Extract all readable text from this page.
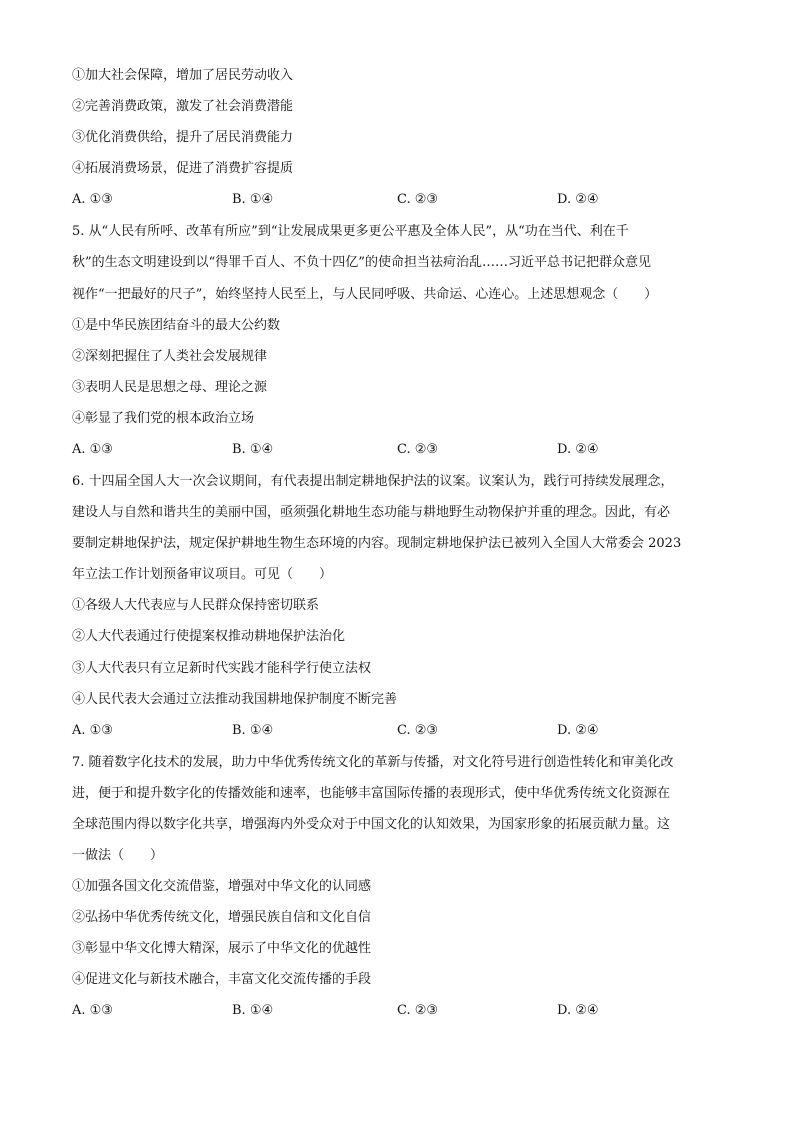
①加大社会保障，增加了居民劳动收入
②完善消费政策，激发了社会消费潜能
③优化消费供给，提升了居民消费能力
④拓展消费场景，促进了消费扩容提质
A. ①③	B. ①④	C. ②③	D. ②④
5. 从“人民有所呼、改革有所应”到“让发展成果更多更公平惠及全体人民”，从“功在当代、利在千
秋”的生态文明建设到以“得罪千百人、不负十四亿”的使命担当祛疴治乱……习近平总书记把群众意见
视作“一把最好的尺子”，始终坚持人民至上，与人民同呼吸、共命运、心连心。上述思想观念（　　）
①是中华民族团结奋斗的最大公约数
②深刻把握住了人类社会发展规律
③表明人民是思想之母、理论之源
④彰显了我们党的根本政治立场
A. ①③	B. ①④	C. ②③	D. ②④
6. 十四届全国人大一次会议期间，有代表提出制定耕地保护法的议案。议案认为，践行可持续发展理念，
建设人与自然和谐共生的美丽中国，亟须强化耕地生态功能与耕地野生动物保护并重的理念。因此，有必
要制定耕地保护法，规定保护耕地生物生态环境的内容。现制定耕地保护法已被列入全国人大常委会 2023
年立法工作计划预备审议项目。可见（　　）
①各级人大代表应与人民群众保持密切联系
②人大代表通过行使提案权推动耕地保护法治化
③人大代表只有立足新时代实践才能科学行使立法权
④人民代表大会通过立法推动我国耕地保护制度不断完善
A. ①③	B. ①④	C. ②③	D. ②④
7. 随着数字化技术的发展，助力中华优秀传统文化的革新与传播，对文化符号进行创造性转化和审美化改
进，便于和提升数字化的传播效能和速率，也能够丰富国际传播的表现形式，使中华优秀传统文化资源在
全球范围内得以数字化共享，增强海内外受众对于中国文化的认知效果，为国家形象的拓展贡献力量。这
一做法（　　）
①加强各国文化交流借鉴，增强对中华文化的认同感
②弘扬中华优秀传统文化，增强民族自信和文化自信
③彰显中华文化博大精深，展示了中华文化的优越性
④促进文化与新技术融合，丰富文化交流传播的手段
A. ①③	B. ①④	C. ②③	D. ②④
